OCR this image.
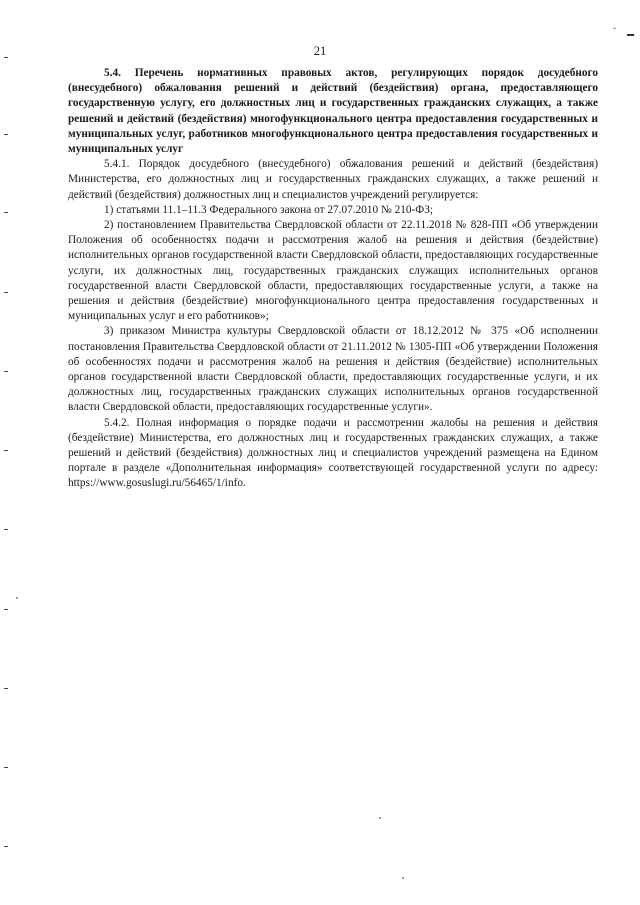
ˇ
21

5.4. Перечень нормативных правовых актов, регулирующих порядок досудебного (внесудебного) обжалования решений и действий (бездействия) органа, предоставляющего государственную услугу, его должностных лиц и государственных гражданских служащих, а также решений и действий (бездействия) многофункционального центра предоставления государственных и муниципальных услуг, работников многофункционального центра предоставления государственных и муниципальных услуг

5.4.1. Порядок досудебного (внесудебного) обжалования решений и действий (бездействия) Министерства, его должностных лиц и государственных гражданских служащих, а также решений и действий (бездействия) должностных лиц и специалистов учреждений регулируется:

1) статьями 11.1–11.3 Федерального закона от 27.07.2010 № 210-ФЗ;

2) постановлением Правительства Свердловской области от 22.11.2018 № 828-ПП «Об утверждении Положения об особенностях подачи и рассмотрения жалоб на решения и действия (бездействие) исполнительных органов государственной власти Свердловской области, предоставляющих государственные услуги, их должностных лиц, государственных гражданских служащих исполнительных органов государственной власти Свердловской области, предоставляющих государственные услуги, а также на решения и действия (бездействие) многофункционального центра предоставления государственных и муниципальных услуг и его работников»;

3) приказом Министра культуры Свердловской области от 18.12.2012 № 375 «Об исполнении постановления Правительства Свердловской области от 21.11.2012 № 1305-ПП «Об утверждении Положения об особенностях подачи и рассмотрения жалоб на решения и действия (бездействие) исполнительных органов государственной власти Свердловской области, предоставляющих государственные услуги, и их должностных лиц, государственных гражданских служащих исполнительных органов государственной власти Свердловской области, предоставляющих государственные услуги».

5.4.2. Полная информация о порядке подачи и рассмотрении жалобы на решения и действия (бездействие) Министерства, его должностных лиц и государственных гражданских служащих, а также решений и действий (бездействия) должностных лиц и специалистов учреждений размещена на Едином портале в разделе «Дополнительная информация» соответствующей государственной услуги по адресу: https://www.gosuslugi.ru/56465/1/info.
